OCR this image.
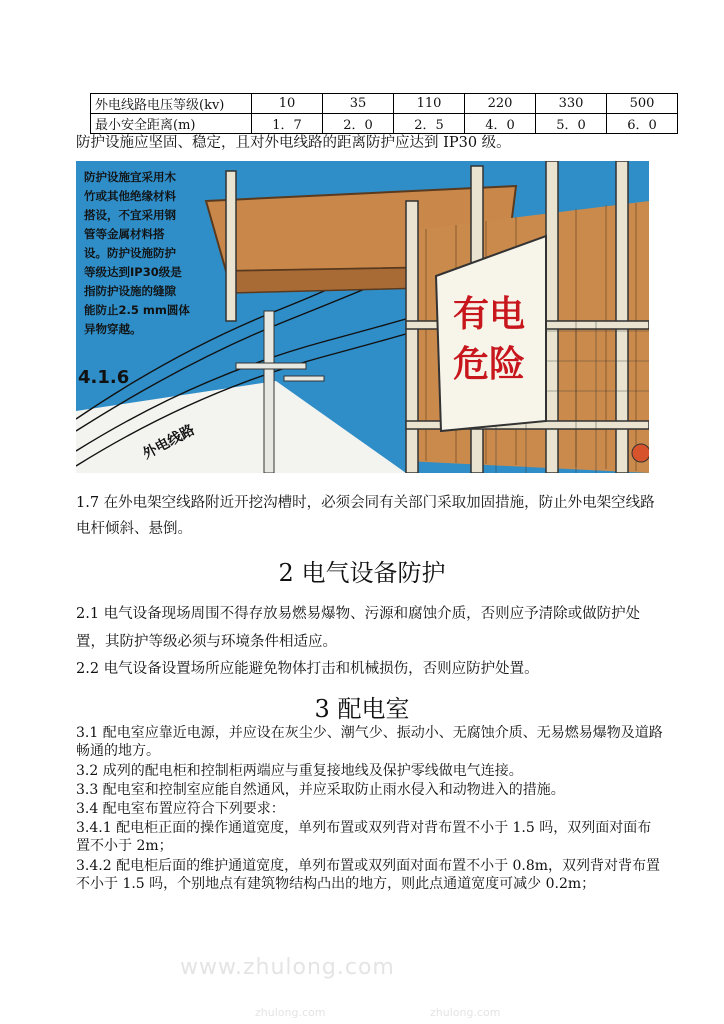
外电线路电压等级(kv)	10	35	110	220	330	500
最小安全距离(m)	1．7	2．0	2．5	4．0	5．0	6．0
防护设施应坚固、稳定，且对外电线路的距离防护应达到 IP30 级。
有电
危险
防护设施宜采用木
竹或其他绝缘材料
搭设，不宜采用钢
管等金属材料搭
设。防护设施防护
等级达到IP30级是
指防护设施的缝隙
能防止2.5 mm圆体
异物穿越。
4.1.6
外电线路
1.7 在外电架空线路附近开挖沟槽时，必须会同有关部门采取加固措施，防止外电架空线路电杆倾斜、悬倒。
2 电气设备防护
2.1 电气设备现场周围不得存放易燃易爆物、污源和腐蚀介质，否则应予清除或做防护处置，其防护等级必须与环境条件相适应。
2.2 电气设备设置场所应能避免物体打击和机械损伤，否则应防护处置。
3 配电室
3.1 配电室应靠近电源，并应设在灰尘少、潮气少、振动小、无腐蚀介质、无易燃易爆物及道路畅通的地方。
3.2 成列的配电柜和控制柜两端应与重复接地线及保护零线做电气连接。
3.3 配电室和控制室应能自然通风，并应采取防止雨水侵入和动物进入的措施。
3.4 配电室布置应符合下列要求：
3.4.1 配电柜正面的操作通道宽度，单列布置或双列背对背布置不小于 1.5 吗，双列面对面布置不小于 2m；
3.4.2 配电柜后面的维护通道宽度，单列布置或双列面对面布置不小于 0.8m，双列背对背布置不小于 1.5 吗，个别地点有建筑物结构凸出的地方，则此点通道宽度可减少 0.2m；
www.zhulong.com
zhulong.com	zhulong.com
